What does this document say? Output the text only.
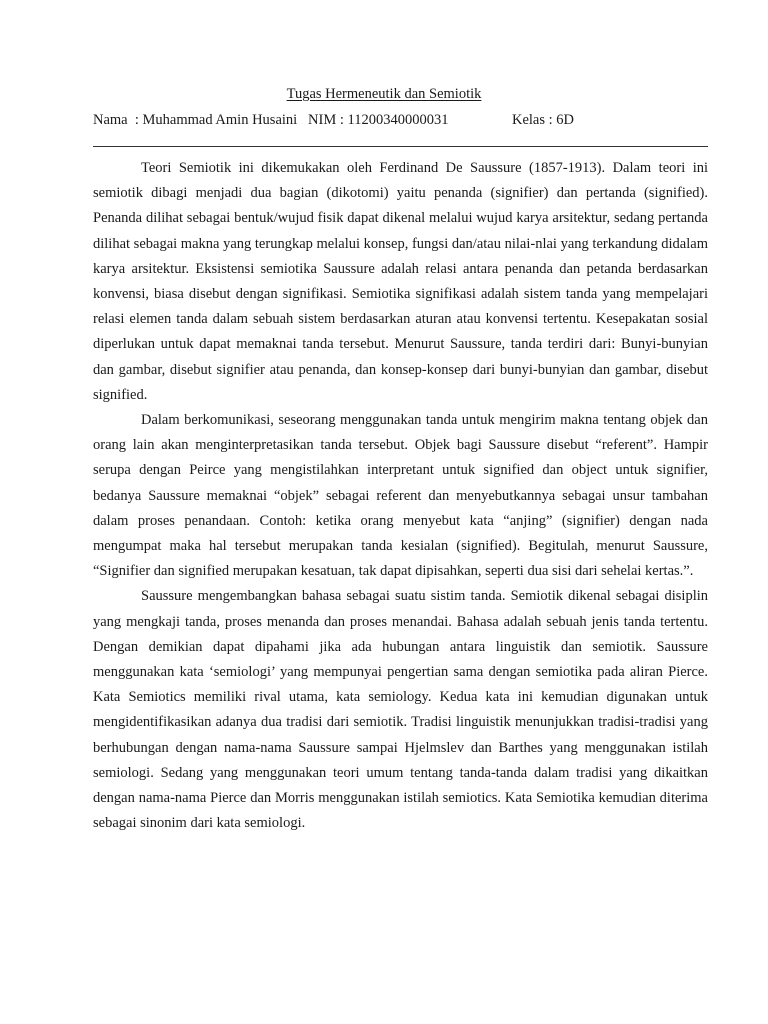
Tugas Hermeneutik dan Semiotik
Nama  : Muhammad Amin Husaini   NIM : 11200340000031	Kelas : 6D

Teori Semiotik ini dikemukakan oleh Ferdinand De Saussure (1857-1913). Dalam teori ini semiotik dibagi menjadi dua bagian (dikotomi) yaitu penanda (signifier) dan pertanda (signified). Penanda dilihat sebagai bentuk/wujud fisik dapat dikenal melalui wujud karya arsitektur, sedang pertanda dilihat sebagai makna yang terungkap melalui konsep, fungsi dan/atau nilai-nlai yang terkandung didalam karya arsitektur. Eksistensi semiotika Saussure adalah relasi antara penanda dan petanda berdasarkan konvensi, biasa disebut dengan signifikasi. Semiotika signifikasi adalah sistem tanda yang mempelajari relasi elemen tanda dalam sebuah sistem berdasarkan aturan atau konvensi tertentu. Kesepakatan sosial diperlukan untuk dapat memaknai tanda tersebut. Menurut Saussure, tanda terdiri dari: Bunyi-bunyian dan gambar, disebut signifier atau penanda, dan konsep-konsep dari bunyi-bunyian dan gambar, disebut signified.

Dalam berkomunikasi, seseorang menggunakan tanda untuk mengirim makna tentang objek dan orang lain akan menginterpretasikan tanda tersebut. Objek bagi Saussure disebut “referent”. Hampir serupa dengan Peirce yang mengistilahkan interpretant untuk signified dan object untuk signifier, bedanya Saussure memaknai “objek” sebagai referent dan menyebutkannya sebagai unsur tambahan dalam proses penandaan. Contoh: ketika orang menyebut kata “anjing” (signifier) dengan nada mengumpat maka hal tersebut merupakan tanda kesialan (signified). Begitulah, menurut Saussure, “Signifier dan signified merupakan kesatuan, tak dapat dipisahkan, seperti dua sisi dari sehelai kertas.”.

Saussure mengembangkan bahasa sebagai suatu sistim tanda. Semiotik dikenal sebagai disiplin yang mengkaji tanda, proses menanda dan proses menandai. Bahasa adalah sebuah jenis tanda tertentu. Dengan demikian dapat dipahami jika ada hubungan antara linguistik dan semiotik. Saussure menggunakan kata ‘semiologi’ yang mempunyai pengertian sama dengan semiotika pada aliran Pierce. Kata Semiotics memiliki rival utama, kata semiology. Kedua kata ini kemudian digunakan untuk mengidentifikasikan adanya dua tradisi dari semiotik. Tradisi linguistik menunjukkan tradisi-tradisi yang berhubungan dengan nama-nama Saussure sampai Hjelmslev dan Barthes yang menggunakan istilah semiologi. Sedang yang menggunakan teori umum tentang tanda-tanda dalam tradisi yang dikaitkan dengan nama-nama Pierce dan Morris menggunakan istilah semiotics. Kata Semiotika kemudian diterima sebagai sinonim dari kata semiologi.
